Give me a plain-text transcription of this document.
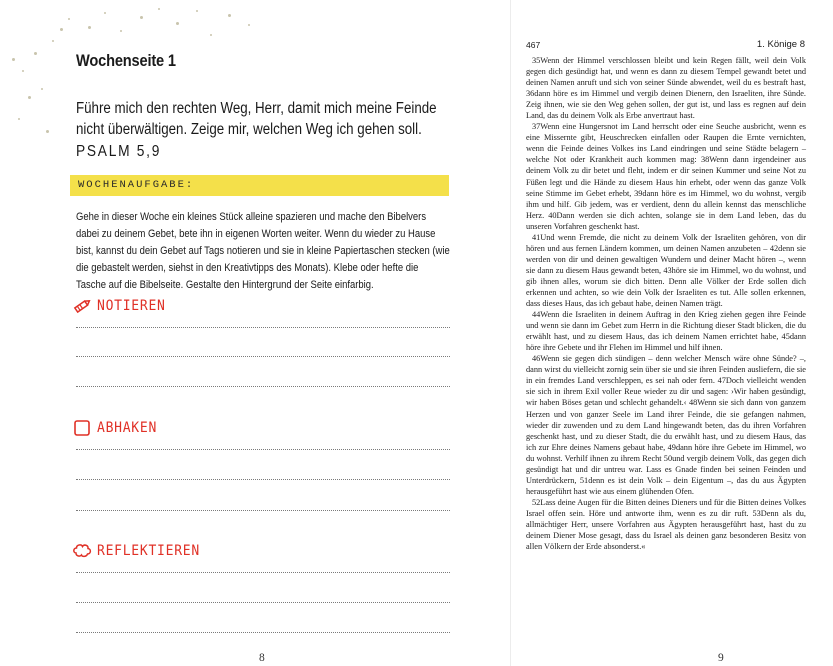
Wochenseite 1

Führe mich den rechten Weg, Herr, damit mich meine Feinde nicht überwältigen. Zeige mir, welchen Weg ich gehen soll.

PSALM 5,9

WOCHENAUFGABE:

Gehe in dieser Woche ein kleines Stück alleine spazieren und mache den Bibelvers dabei zu deinem Gebet, bete ihn in eigenen Worten weiter. Wenn du wieder zu Hause bist, kannst du dein Gebet auf Tags notieren und sie in kleine Papiertaschen stecken (wie die gebastelt werden, siehst in den Kreativtipps des Monats). Klebe oder hefte die Tasche auf die Bibelseite. Gestalte den Hintergrund der Seite einfarbig.

NOTIEREN
ABHAKEN
REFLEKTIEREN

8

467	1. Könige 8

35Wenn der Himmel verschlossen bleibt und kein Regen fällt, weil dein Volk gegen dich gesündigt hat, und wenn es dann zu diesem Tempel gewandt betet und deinen Namen anruft und sich von seiner Sünde abwendet, weil du es bestraft hast, 36dann höre es im Himmel und vergib deinen Dienern, den Israeliten, ihre Sünde. Zeig ihnen, wie sie den Weg gehen sollen, der gut ist, und lass es regnen auf dein Land, das du deinem Volk als Erbe anvertraut hast.

37Wenn eine Hungersnot im Land herrscht oder eine Seuche ausbricht, wenn es eine Missernte gibt, Heuschrecken einfallen oder Raupen die Ernte vernichten, wenn die Feinde deines Volkes ins Land eindringen und seine Städte belagern – welche Not oder Krankheit auch kommen mag: 38Wenn dann irgendeiner aus deinem Volk zu dir betet und fleht, indem er dir seinen Kummer und seine Not zu Füßen legt und die Hände zu diesem Haus hin erhebt, oder wenn das ganze Volk seine Stimme im Gebet erhebt, 39dann höre es im Himmel, wo du wohnst, vergib ihm und hilf. Gib jedem, was er verdient, denn du allein kennst das menschliche Herz. 40Dann werden sie dich achten, solange sie in dem Land leben, das du unseren Vorfahren geschenkt hast.

41Und wenn Fremde, die nicht zu deinem Volk der Israeliten gehören, von dir hören und aus fernen Ländern kommen, um deinen Namen anzubeten – 42denn sie werden von dir und deinen gewaltigen Wundern und deiner Macht hören –, wenn sie dann zu diesem Haus gewandt beten, 43höre sie im Himmel, wo du wohnst, und gib ihnen alles, worum sie dich bitten. Denn alle Völker der Erde sollen dich erkennen und achten, so wie dein Volk der Israeliten es tut. Alle sollen erkennen, dass dieses Haus, das ich gebaut habe, deinen Namen trägt.

44Wenn die Israeliten in deinem Auftrag in den Krieg ziehen gegen ihre Feinde und wenn sie dann im Gebet zum Herrn in die Richtung dieser Stadt blicken, die du erwählt hast, und zu diesem Haus, das ich deinem Namen errichtet habe, 45dann höre ihre Gebete und ihr Flehen im Himmel und hilf ihnen.

46Wenn sie gegen dich sündigen – denn welcher Mensch wäre ohne Sünde? –, dann wirst du vielleicht zornig sein über sie und sie ihren Feinden ausliefern, die sie in ein fremdes Land verschleppen, es sei nah oder fern. 47Doch vielleicht wenden sie sich in ihrem Exil voller Reue wieder zu dir und sagen: ›Wir haben gesündigt, wir haben Böses getan und schlecht gehandelt.‹ 48Wenn sie sich dann von ganzem Herzen und von ganzer Seele im Land ihrer Feinde, die sie gefangen nahmen, wieder dir zuwenden und zu dem Land hingewandt beten, das du ihren Vorfahren geschenkt hast, und zu dieser Stadt, die du erwählt hast, und zu diesem Haus, das ich zur Ehre deines Namens gebaut habe, 49dann höre ihre Gebete im Himmel, wo du wohnst. Verhilf ihnen zu ihrem Recht 50und vergib deinem Volk, das gegen dich gesündigt hat und dir untreu war. Lass es Gnade finden bei seinen Feinden und Unterdrückern, 51denn es ist dein Volk – dein Eigentum –, das du aus Ägypten herausgeführt hast wie aus einem glühenden Ofen.

52Lass deine Augen für die Bitten deines Dieners und für die Bitten deines Volkes Israel offen sein. Höre und antworte ihm, wenn es zu dir ruft. 53Denn als du, allmächtiger Herr, unsere Vorfahren aus Ägypten herausgeführt hast, hast du zu deinem Diener Mose gesagt, dass du Israel als deinen ganz besonderen Besitz von allen Völkern der Erde absonderst.«

9
